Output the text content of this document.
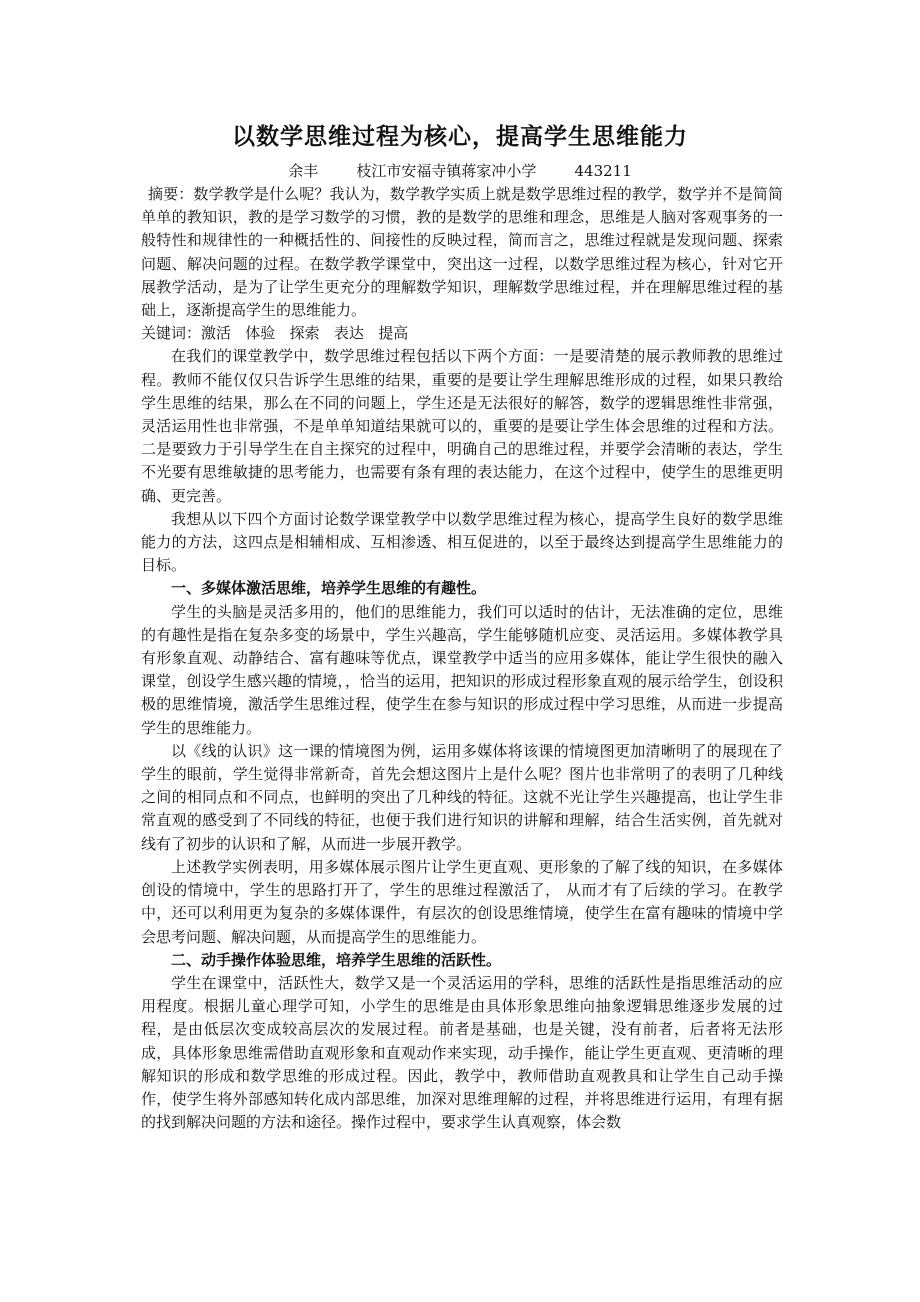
以数学思维过程为核心，提高学生思维能力
余丰        枝江市安福寺镇蒋家冲小学        443211

摘要：数学教学是什么呢？我认为，数学教学实质上就是数学思维过程的教学，数学并不是简简单单的教知识，教的是学习数学的习惯，教的是数学的思维和理念，思维是人脑对客观事务的一般特性和规律性的一种概括性的、间接性的反映过程，简而言之，思维过程就是发现问题、探索问题、解决问题的过程。在数学教学课堂中，突出这一过程，以数学思维过程为核心，针对它开展教学活动，是为了让学生更充分的理解数学知识，理解数学思维过程，并在理解思维过程的基础上，逐渐提高学生的思维能力。

关键词：激活   体验   探索   表达   提高

在我们的课堂教学中，数学思维过程包括以下两个方面：一是要清楚的展示教师教的思维过程。教师不能仅仅只告诉学生思维的结果，重要的是要让学生理解思维形成的过程，如果只教给学生思维的结果，那么在不同的问题上，学生还是无法很好的解答，数学的逻辑思维性非常强，灵活运用性也非常强，不是单单知道结果就可以的，重要的是要让学生体会思维的过程和方法。二是要致力于引导学生在自主探究的过程中，明确自己的思维过程，并要学会清晰的表达，学生不光要有思维敏捷的思考能力，也需要有条有理的表达能力，在这个过程中，使学生的思维更明确、更完善。

我想从以下四个方面讨论数学课堂教学中以数学思维过程为核心，提高学生良好的数学思维能力的方法，这四点是相辅相成、互相渗透、相互促进的，以至于最终达到提高学生思维能力的目标。

一、多媒体激活思维，培养学生思维的有趣性。

学生的头脑是灵活多用的，他们的思维能力，我们可以适时的估计，无法准确的定位，思维的有趣性是指在复杂多变的场景中，学生兴趣高，学生能够随机应变、灵活运用。多媒体教学具有形象直观、动静结合、富有趣味等优点，课堂教学中适当的应用多媒体，能让学生很快的融入课堂，创设学生感兴趣的情境，，恰当的运用，把知识的形成过程形象直观的展示给学生，创设积极的思维情境，激活学生思维过程，使学生在参与知识的形成过程中学习思维，从而进一步提高学生的思维能力。

以《线的认识》这一课的情境图为例，运用多媒体将该课的情境图更加清晰明了的展现在了学生的眼前，学生觉得非常新奇，首先会想这图片上是什么呢？图片也非常明了的表明了几种线之间的相同点和不同点，也鲜明的突出了几种线的特征。这就不光让学生兴趣提高，也让学生非常直观的感受到了不同线的特征，也便于我们进行知识的讲解和理解，结合生活实例，首先就对线有了初步的认识和了解，从而进一步展开教学。

上述教学实例表明，用多媒体展示图片让学生更直观、更形象的了解了线的知识，在多媒体创设的情境中，学生的思路打开了，学生的思维过程激活了， 从而才有了后续的学习。在教学中，还可以利用更为复杂的多媒体课件，有层次的创设思维情境，使学生在富有趣味的情境中学会思考问题、解决问题，从而提高学生的思维能力。

二、动手操作体验思维，培养学生思维的活跃性。

学生在课堂中，活跃性大，数学又是一个灵活运用的学科，思维的活跃性是指思维活动的应用程度。根据儿童心理学可知，小学生的思维是由具体形象思维向抽象逻辑思维逐步发展的过程，是由低层次变成较高层次的发展过程。前者是基础，也是关键，没有前者，后者将无法形成，具体形象思维需借助直观形象和直观动作来实现，动手操作，能让学生更直观、更清晰的理解知识的形成和数学思维的形成过程。因此，教学中，教师借助直观教具和让学生自己动手操作，使学生将外部感知转化成内部思维，加深对思维理解的过程，并将思维进行运用，有理有据的找到解决问题的方法和途径。操作过程中，要求学生认真观察，体会数
